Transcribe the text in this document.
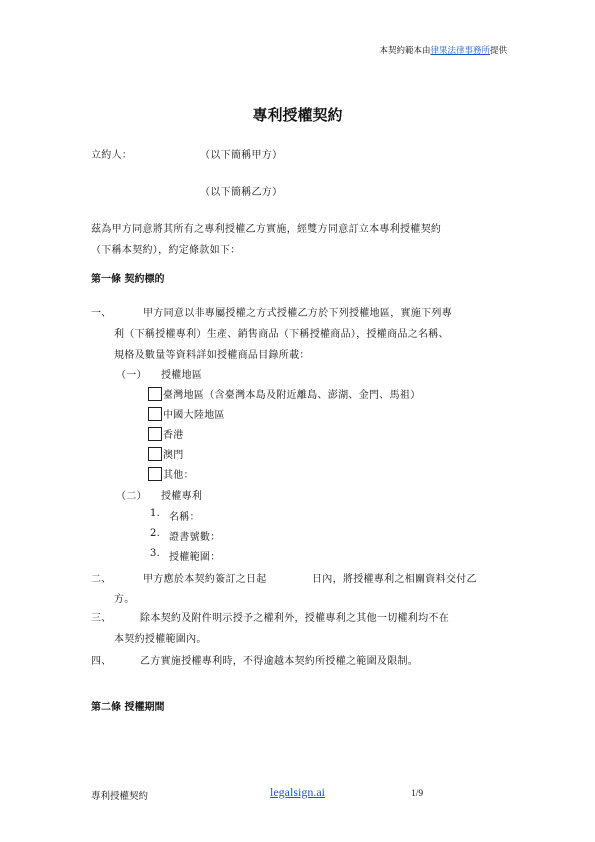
本契約範本由律果法律事務所提供
專利授權契約
立約人：	（以下簡稱甲方）
（以下簡稱乙方）
茲為甲方同意將其所有之專利授權乙方實施，經雙方同意訂立本專利授權契約
（下稱本契約），約定條款如下：
第一條 契約標的
一、	甲方同意以非專屬授權之方式授權乙方於下列授權地區，實施下列專
利（下稱授權專利）生產、銷售商品（下稱授權商品），授權商品之名稱、
規格及數量等資料詳如授權商品目錄所載：
（一） 授權地區
臺灣地區（含臺灣本島及附近離島、澎湖、金門、馬祖）
中國大陸地區
香港
澳門
其他：
（二） 授權專利
1. 名稱：
2. 證書號數：
3. 授權範圍：
二、	甲方應於本契約簽訂之日起	日內，將授權專利之相關資料交付乙
方。
三、	除本契約及附件明示授予之權利外，授權專利之其他一切權利均不在
本契約授權範圍內。
四、	乙方實施授權專利時，不得逾越本契約所授權之範圍及限制。
第二條 授權期間
專利授權契約	legalsign.ai	1/9
